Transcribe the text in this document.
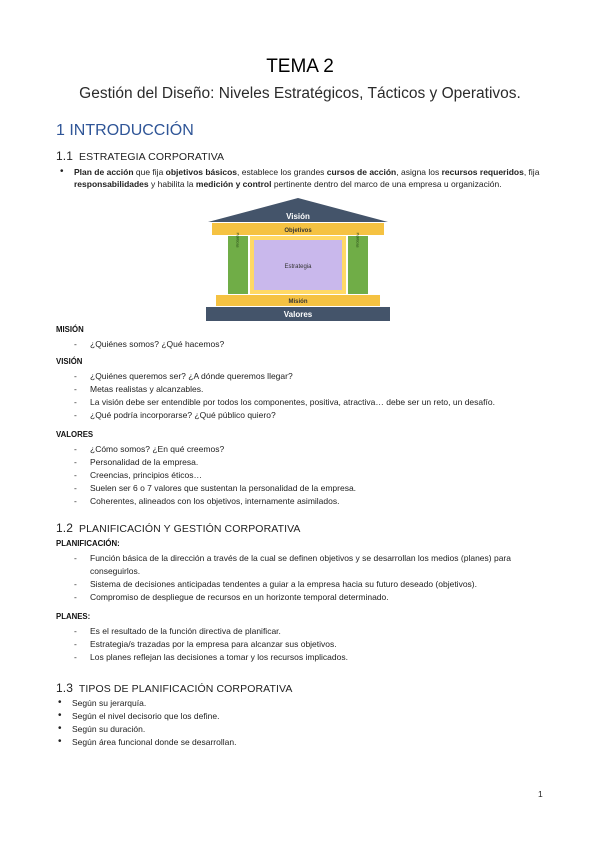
TEMA 2
Gestión del Diseño: Niveles Estratégicos, Tácticos y Operativos.
1 INTRODUCCIÓN
1.1 ESTRATEGIA CORPORATIVA
• Plan de acción que fija objetivos básicos, establece los grandes cursos de acción, asigna los recursos requeridos, fija
responsabilidades y habilita la medición y control pertinente dentro del marco de una empresa u organización.
Visión
Objetivos
Políticas	Políticas
Estrategia
Misión
Valores
MISIÓN
- ¿Quiénes somos? ¿Qué hacemos?
VISIÓN
- ¿Quiénes queremos ser? ¿A dónde queremos llegar?
- Metas realistas y alcanzables.
- La visión debe ser entendible por todos los componentes, positiva, atractiva… debe ser un reto, un desafío.
- ¿Qué podría incorporarse? ¿Qué público quiero?
VALORES
- ¿Cómo somos? ¿En qué creemos?
- Personalidad de la empresa.
- Creencias, principios éticos…
- Suelen ser 6 o 7 valores que sustentan la personalidad de la empresa.
- Coherentes, alineados con los objetivos, internamente asimilados.
1.2 PLANIFICACIÓN Y GESTIÓN CORPORATIVA
PLANIFICACIÓN:
- Función básica de la dirección a través de la cual se definen objetivos y se desarrollan los medios (planes) para
conseguirlos.
- Sistema de decisiones anticipadas tendentes a guiar a la empresa hacia su futuro deseado (objetivos).
- Compromiso de despliegue de recursos en un horizonte temporal determinado.
PLANES:
- Es el resultado de la función directiva de planificar.
- Estrategia/s trazadas por la empresa para alcanzar sus objetivos.
- Los planes reflejan las decisiones a tomar y los recursos implicados.
1.3 TIPOS DE PLANIFICACIÓN CORPORATIVA
• Según su jerarquía.
• Según el nivel decisorio que los define.
• Según su duración.
• Según área funcional donde se desarrollan.
1
